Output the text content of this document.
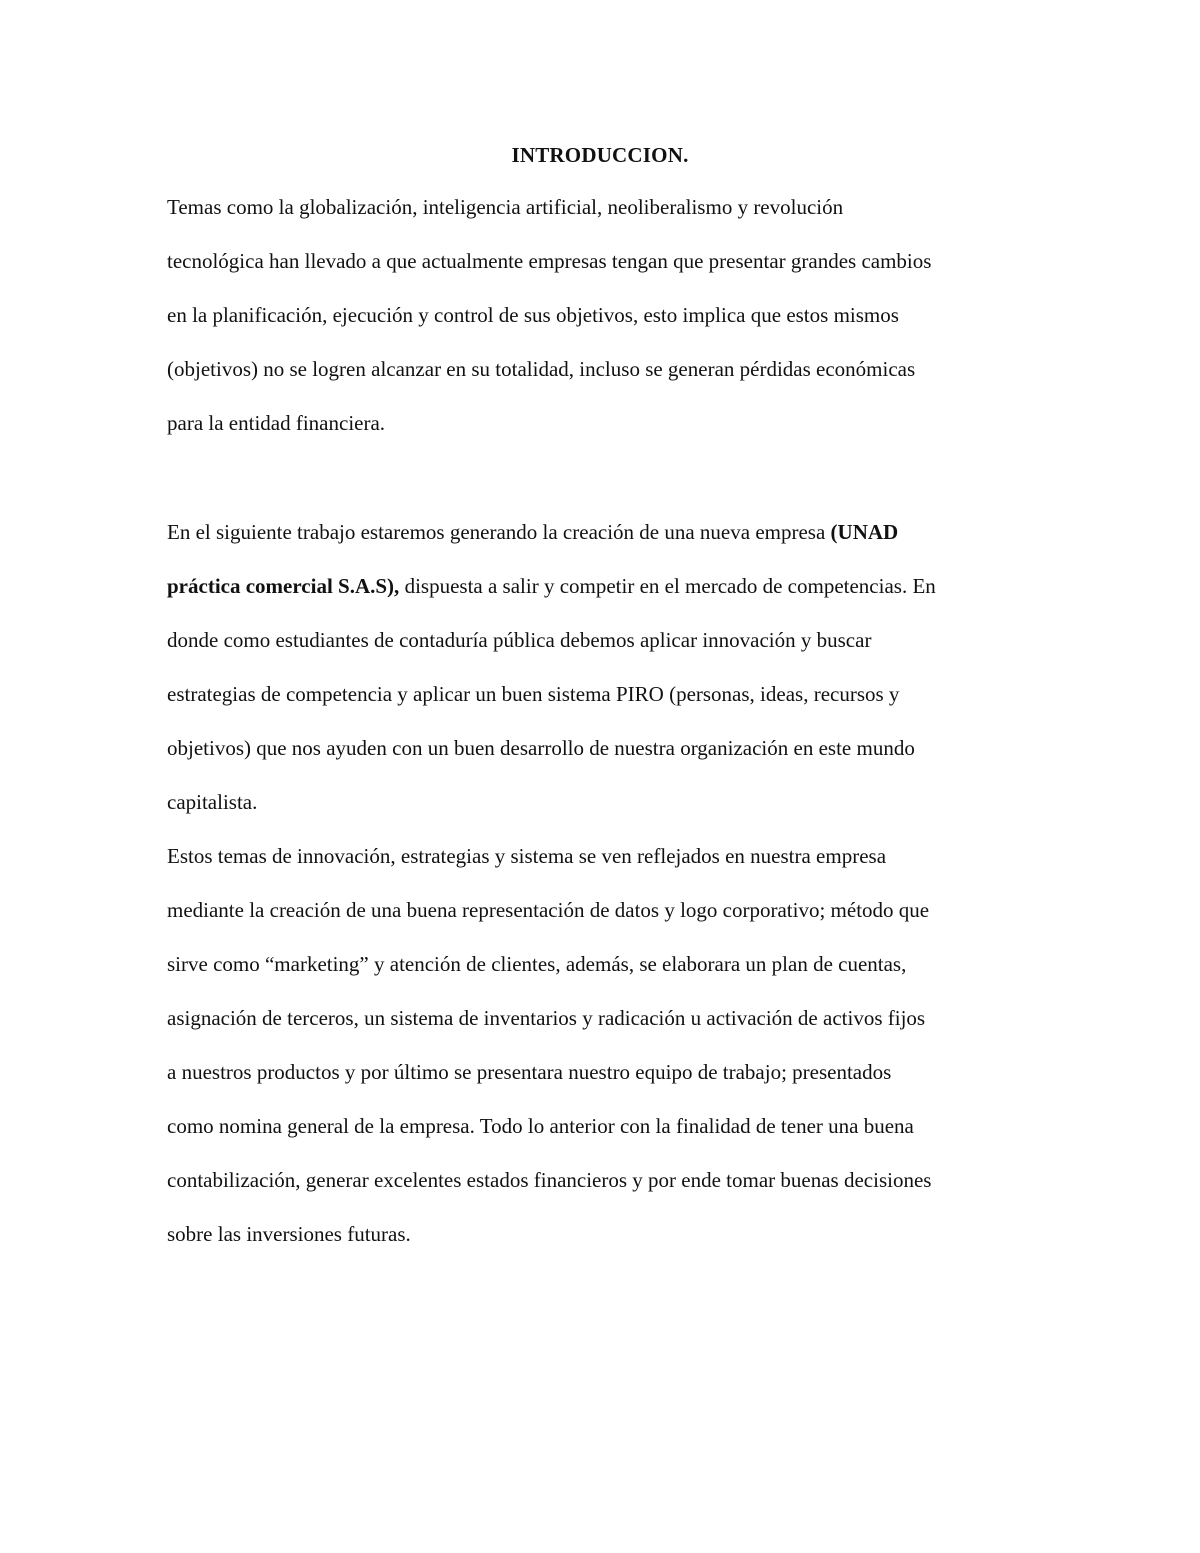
INTRODUCCION.
Temas como la globalización, inteligencia artificial, neoliberalismo y revolución
tecnológica han llevado a que actualmente empresas tengan que presentar grandes cambios
en la planificación, ejecución y control de sus objetivos, esto implica que estos mismos
(objetivos) no se logren alcanzar en su totalidad, incluso se generan pérdidas económicas
para la entidad financiera.
En el siguiente trabajo estaremos generando la creación de una nueva empresa (UNAD
práctica comercial S.A.S), dispuesta a salir y competir en el mercado de competencias. En
donde como estudiantes de contaduría pública debemos aplicar innovación y buscar
estrategias de competencia y aplicar un buen sistema PIRO (personas, ideas, recursos y
objetivos) que nos ayuden con un buen desarrollo de nuestra organización en este mundo
capitalista.
Estos temas de innovación, estrategias y sistema se ven reflejados en nuestra empresa
mediante la creación de una buena representación de datos y logo corporativo; método que
sirve como “marketing” y atención de clientes, además, se elaborara un plan de cuentas,
asignación de terceros, un sistema de inventarios y radicación u activación de activos fijos
a nuestros productos y por último se presentara nuestro equipo de trabajo; presentados
como nomina general de la empresa. Todo lo anterior con la finalidad de tener una buena
contabilización, generar excelentes estados financieros y por ende tomar buenas decisiones
sobre las inversiones futuras.
